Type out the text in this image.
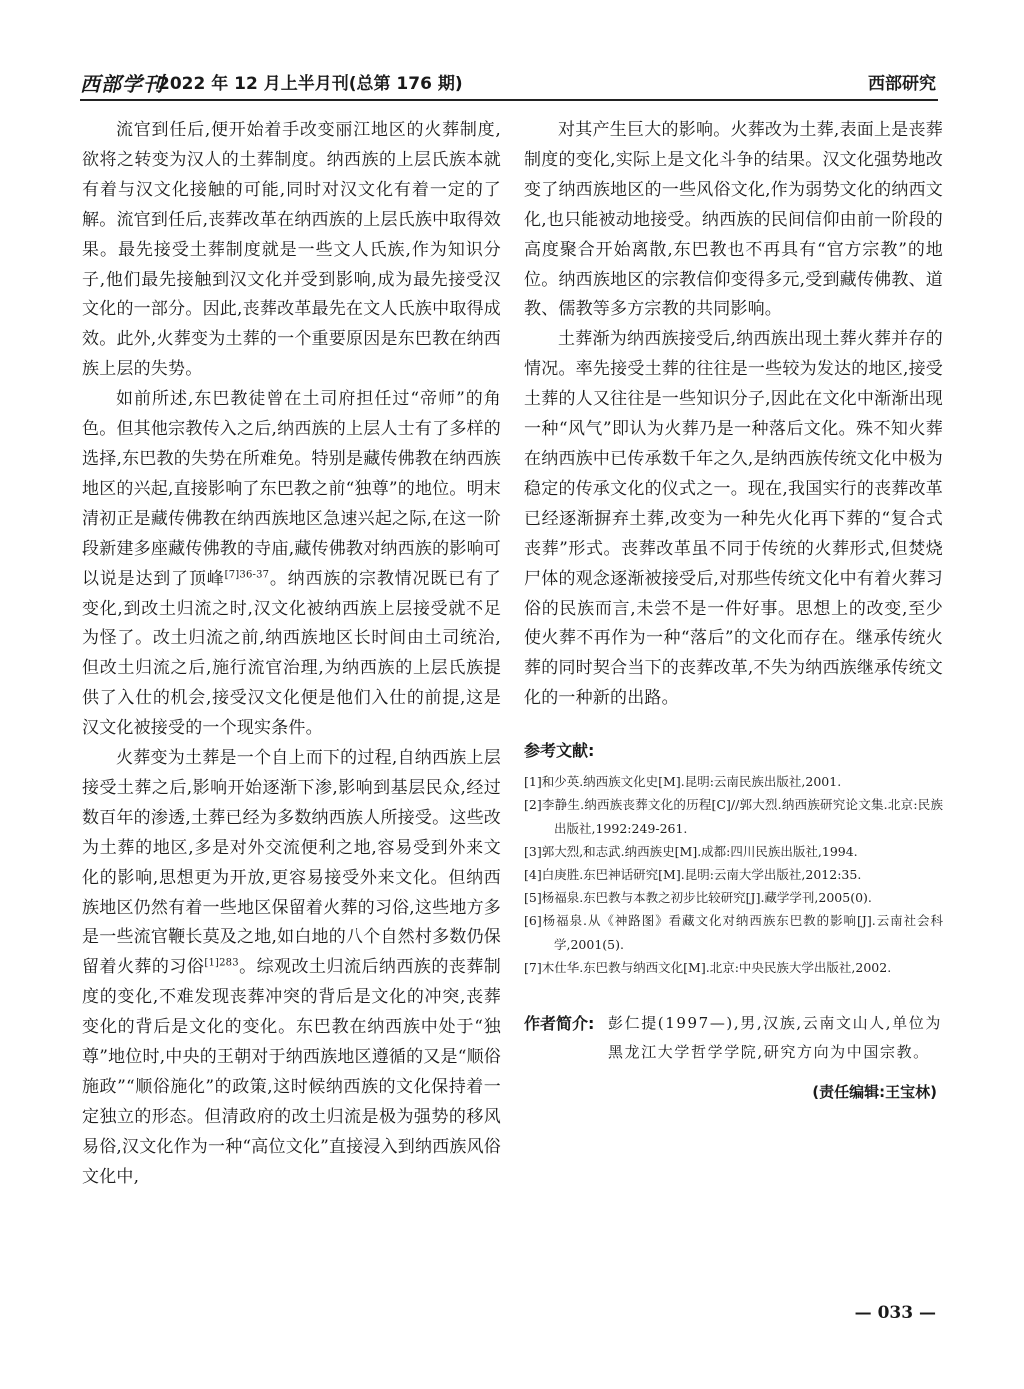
西部学刊
2022 年 12 月上半月刊(总第 176 期)	西部研究

流官到任后,便开始着手改变丽江地区的火葬制度,欲将之转变为汉人的土葬制度。纳西族的上层氏族本就有着与汉文化接触的可能,同时对汉文化有着一定的了解。流官到任后,丧葬改革在纳西族的上层氏族中取得效果。最先接受土葬制度就是一些文人氏族,作为知识分子,他们最先接触到汉文化并受到影响,成为最先接受汉文化的一部分。因此,丧葬改革最先在文人氏族中取得成效。此外,火葬变为土葬的一个重要原因是东巴教在纳西族上层的失势。

如前所述,东巴教徒曾在土司府担任过“帝师”的角色。但其他宗教传入之后,纳西族的上层人士有了多样的选择,东巴教的失势在所难免。特别是藏传佛教在纳西族地区的兴起,直接影响了东巴教之前“独尊”的地位。明末清初正是藏传佛教在纳西族地区急速兴起之际,在这一阶段新建多座藏传佛教的寺庙,藏传佛教对纳西族的影响可以说是达到了顶峰$^{[7]36-37}$。纳西族的宗教情况既已有了变化,到改土归流之时,汉文化被纳西族上层接受就不足为怪了。改土归流之前,纳西族地区长时间由土司统治,但改土归流之后,施行流官治理,为纳西族的上层氏族提供了入仕的机会,接受汉文化便是他们入仕的前提,这是汉文化被接受的一个现实条件。

火葬变为土葬是一个自上而下的过程,自纳西族上层接受土葬之后,影响开始逐渐下渗,影响到基层民众,经过数百年的渗透,土葬已经为多数纳西族人所接受。这些改为土葬的地区,多是对外交流便利之地,容易受到外来文化的影响,思想更为开放,更容易接受外来文化。但纳西族地区仍然有着一些地区保留着火葬的习俗,这些地方多是一些流官鞭长莫及之地,如白地的八个自然村多数仍保留着火葬的习俗$^{[1]283}$。综观改土归流后纳西族的丧葬制度的变化,不难发现丧葬冲突的背后是文化的冲突,丧葬变化的背后是文化的变化。东巴教在纳西族中处于“独尊”地位时,中央的王朝对于纳西族地区遵循的又是“顺俗施政”“顺俗施化”的政策,这时候纳西族的文化保持着一定独立的形态。但清政府的改土归流是极为强势的移风易俗,汉文化作为一种“高位文化”直接浸入到纳西族风俗文化中,

对其产生巨大的影响。火葬改为土葬,表面上是丧葬制度的变化,实际上是文化斗争的结果。汉文化强势地改变了纳西族地区的一些风俗文化,作为弱势文化的纳西文化,也只能被动地接受。纳西族的民间信仰由前一阶段的高度聚合开始离散,东巴教也不再具有“官方宗教”的地位。纳西族地区的宗教信仰变得多元,受到藏传佛教、道教、儒教等多方宗教的共同影响。

土葬渐为纳西族接受后,纳西族出现土葬火葬并存的情况。率先接受土葬的往往是一些较为发达的地区,接受土葬的人又往往是一些知识分子,因此在文化中渐渐出现一种“风气”即认为火葬乃是一种落后文化。殊不知火葬在纳西族中已传承数千年之久,是纳西族传统文化中极为稳定的传承文化的仪式之一。现在,我国实行的丧葬改革已经逐渐摒弃土葬,改变为一种先火化再下葬的“复合式丧葬”形式。丧葬改革虽不同于传统的火葬形式,但焚烧尸体的观念逐渐被接受后,对那些传统文化中有着火葬习俗的民族而言,未尝不是一件好事。思想上的改变,至少使火葬不再作为一种“落后”的文化而存在。继承传统火葬的同时契合当下的丧葬改革,不失为纳西族继承传统文化的一种新的出路。

参考文献:

[1]和少英.纳西族文化史[M].昆明:云南民族出版社,2001.

[2]李静生.纳西族丧葬文化的历程[C]//郭大烈.纳西族研究论文集.北京:民族出版社,1992:249-261.

[3]郭大烈,和志武.纳西族史[M].成都:四川民族出版社,1994.

[4]白庚胜.东巴神话研究[M].昆明:云南大学出版社,2012:35.

[5]杨福泉.东巴教与本教之初步比较研究[J].藏学学刊,2005(0).

[6]杨福泉.从《神路图》看藏文化对纳西族东巴教的影响[J].云南社会科学,2001(5).

[7]木仕华.东巴教与纳西文化[M].北京:中央民族大学出版社,2002.

作者简介: 彭仁提(1997—),男,汉族,云南文山人,单位为黑龙江大学哲学学院,研究方向为中国宗教。

(责任编辑:王宝林)
— 033 —
